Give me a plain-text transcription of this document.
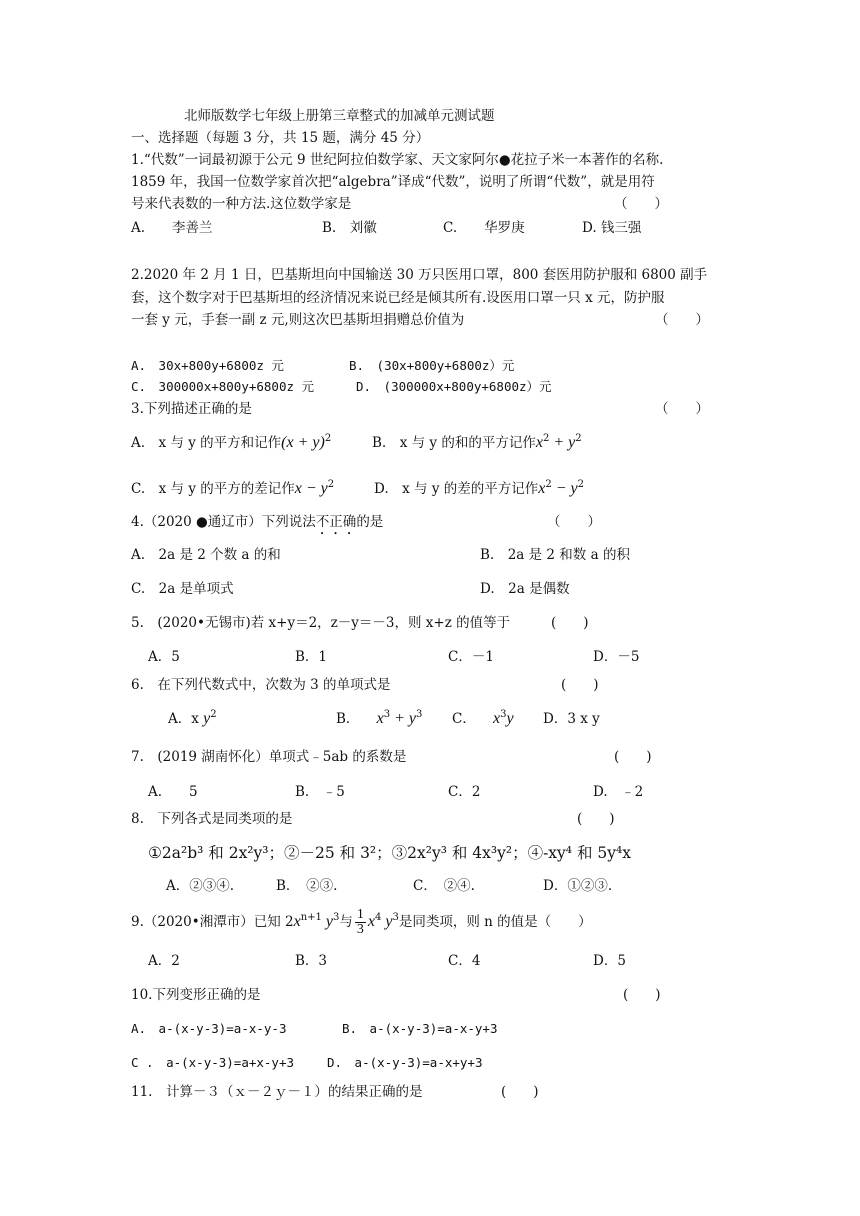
北师版数学七年级上册第三章整式的加减单元测试题
一、选择题（每题 3 分，共 15 题，满分 45 分）
1.“代数”一词最初源于公元 9 世纪阿拉伯数学家、天文家阿尔●花拉子米一本著作的名称.
1859 年，我国一位数学家首次把“algebra”译成“代数”，说明了所谓“代数”，就是用符
号来代表数的一种方法.这位数学家是	（　　）
A.　　李善兰	B.　刘徽	C.　　华罗庚	D. 钱三强
2.2020 年 2 月 1 日，巴基斯坦向中国输送 30 万只医用口罩，800 套医用防护服和 6800 副手
套，这个数字对于巴基斯坦的经济情况来说已经是倾其所有.设医用口罩一只 x 元，防护服
一套 y 元，手套一副 z 元,则这次巴基斯坦捐赠总价值为	（　　）
A.　30x+800y+6800z 元	B.　(30x+800y+6800z）元
C.　300000x+800y+6800z 元	D.　(300000x+800y+6800z）元
3.下列描述正确的是	（　　）
A.　x 与 y 的平方和记作$(x + y)^2$	B.　x 与 y 的和的平方记作$x^2 + y^2$
C.　x 与 y 的平方的差记作$x - y^2$	D.　x 与 y 的差的平方记作$x^2 - y^2$
4.（2020 ●通辽市）下列说法不正确的是	（　　）
A.　2a 是 2 个数 a 的和	B.　2a 是 2 和数 a 的积
C.　2a 是单项式	D.　2a 是偶数
5.　(2020•无锡市)若 x+y＝2，z－y＝－3，则 x+z 的值等于	(　　)
A．5	B．1	C．－1	D．－5
6.　在下列代数式中，次数为 3 的单项式是	(　　)
A．x $y^2$	B． $x^3 + y^3$ C． $x^3y$ D．3 x y
7.　(2019 湖南怀化）单项式﹣5ab 的系数是	(　　)
A.　　5	B.　﹣5	C．2	D.　﹣2
8.　下列各式是同类项的是	(　　)
①2a²b³ 和 2x²y³；②－25 和 3²；③2x²y³ 和 4x³y²；④-xy⁴ 和 5y⁴x
A．②③④.	B．　②③.	C．　②④.	D．①②③.
9.（2020•湘潭市）已知 $2x^{n+1}$ $y^3$与 $\frac{1}{3} x^4$ $y^3$是同类项，则 n 的值是（　　）
A．2	B．3	C．4	D．5
10.下列变形正确的是	(　　)
A.　a-(x-y-3)=a-x-y-3	B.　a-(x-y-3)=a-x-y+3
C .　a-(x-y-3)=a+x-y+3	D.　a-(x-y-3)=a-x+y+3
11.　计算－３（ｘ－２ｙ－１）的结果正确的是	(　　)
